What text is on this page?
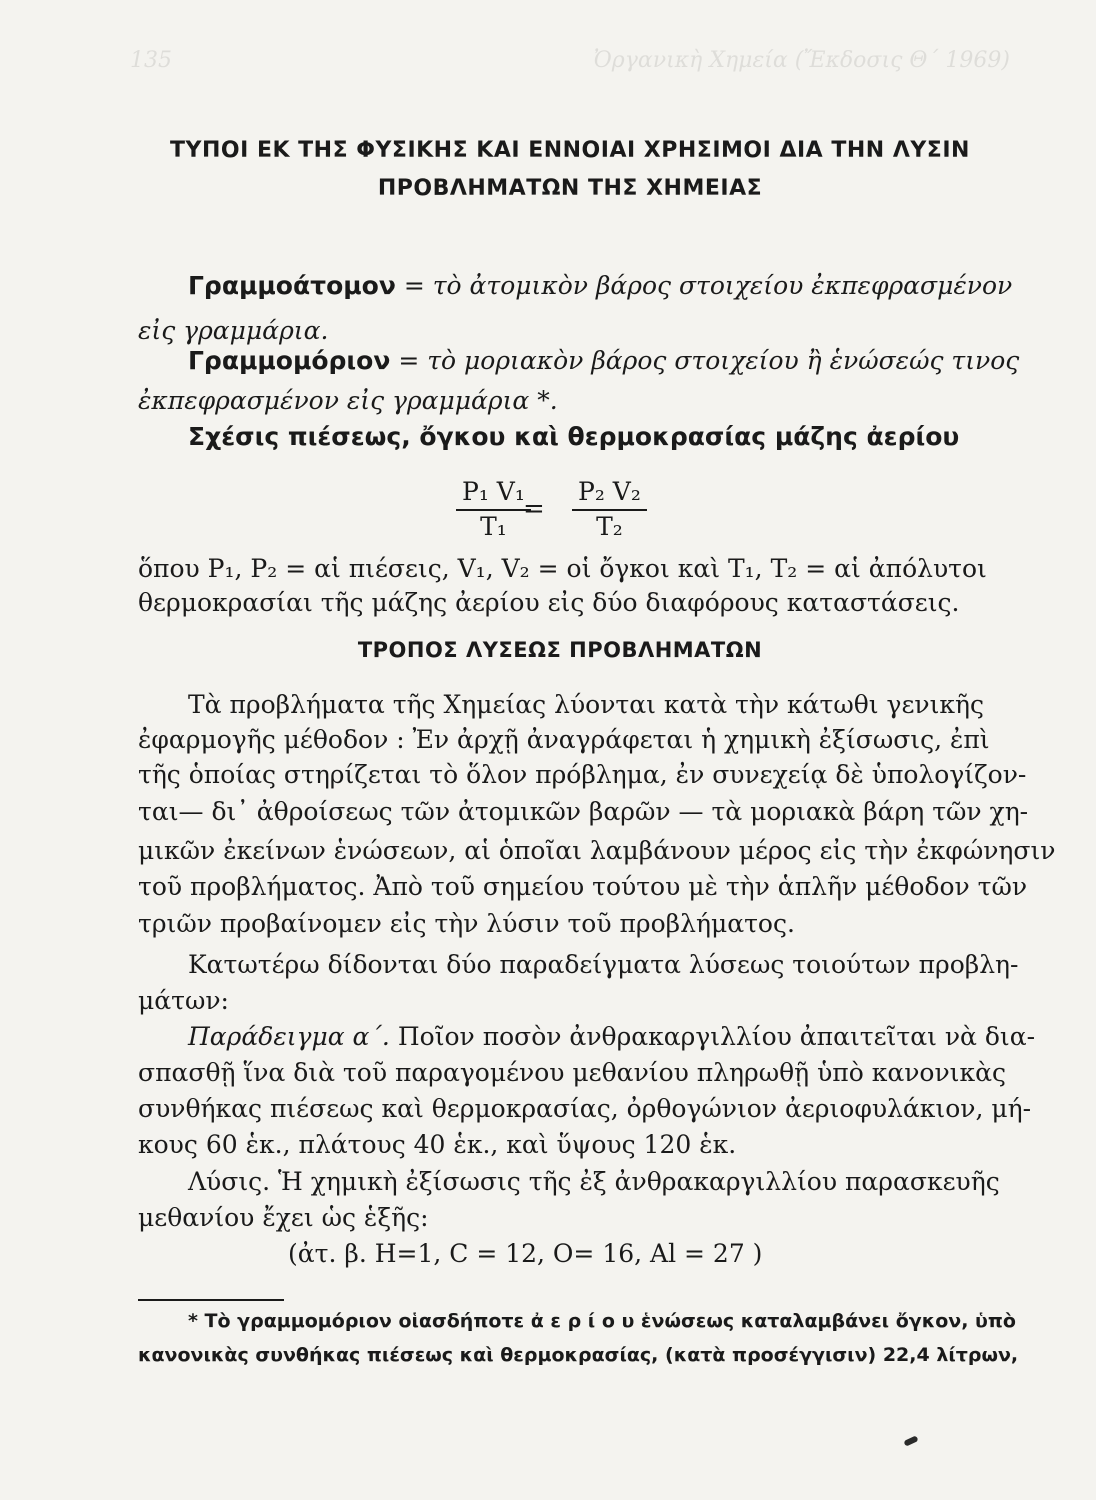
135	Ὀργανικὴ Χημεία (Ἔκδοσις Θ΄ 1969)
ΤΥΠΟΙ ΕΚ ΤΗΣ ΦΥΣΙΚΗΣ ΚΑΙ ΕΝΝΟΙΑΙ ΧΡΗΣΙΜΟΙ ΔΙΑ ΤΗΝ ΛΥΣΙΝ
ΠΡΟΒΛΗΜΑΤΩΝ ΤΗΣ ΧΗΜΕΙΑΣ
Γραμμοάτομον = τὸ ἀτομικὸν βάρος στοιχείου ἐκπεφρασμένον
εἰς γραμμάρια.
Γραμμομόριον = τὸ μοριακὸν βάρος στοιχείου ἢ ἑνώσεώς τινος
ἐκπεφρασμένον εἰς γραμμάρια *.
Σχέσις πιέσεως, ὄγκου καὶ θερμοκρασίας μάζης ἀερίου
$\frac{\text{P₁ V₁}}{\text{T₁}}$
= $\frac{\text{P₂ V₂}}{\text{T₂}}$
ὅπου P₁, P₂ = αἱ πιέσεις, V₁, V₂ = οἱ ὄγκοι καὶ T₁, T₂ = αἱ ἀπόλυτοι
θερμοκρασίαι τῆς μάζης ἀερίου εἰς δύο διαφόρους καταστάσεις.
ΤΡΟΠΟΣ ΛΥΣΕΩΣ ΠΡΟΒΛΗΜΑΤΩΝ
Τὰ προβλήματα τῆς Χημείας λύονται κατὰ τὴν κάτωθι γενικῆς
ἐφαρμογῆς μέθοδον : Ἐν ἀρχῇ ἀναγράφεται ἡ χημικὴ ἐξίσωσις, ἐπὶ
τῆς ὁποίας στηρίζεται τὸ ὅλον πρόβλημα, ἐν συνεχείᾳ δὲ ὑπολογίζον-
ται— δι᾽ ἀθροίσεως τῶν ἀτομικῶν βαρῶν — τὰ μοριακὰ βάρη τῶν χη-
μικῶν ἐκείνων ἑνώσεων, αἱ ὁποῖαι λαμβάνουν μέρος εἰς τὴν ἐκφώνησιν
τοῦ προβλήματος. Ἀπὸ τοῦ σημείου τούτου μὲ τὴν ἁπλῆν μέθοδον τῶν
τριῶν προβαίνομεν εἰς τὴν λύσιν τοῦ προβλήματος.
Κατωτέρω δίδονται δύο παραδείγματα λύσεως τοιούτων προβλη-
μάτων:
Παράδειγμα α΄. Ποῖον ποσὸν ἀνθρακαργιλλίου ἀπαιτεῖται νὰ δια-
σπασθῇ ἵνα διὰ τοῦ παραγομένου μεθανίου πληρωθῇ ὑπὸ κανονικὰς
συνθήκας πιέσεως καὶ θερμοκρασίας, ὀρθογώνιον ἀεριοφυλάκιον, μή-
κους 60 ἑκ., πλάτους 40 ἑκ., καὶ ὕψους 120 ἑκ.
Λύσις. Ἡ χημικὴ ἐξίσωσις τῆς ἐξ ἀνθρακαργιλλίου παρασκευῆς
μεθανίου ἔχει ὡς ἑξῆς:
(ἀτ. β. H=1, C = 12, O= 16, Al = 27 )
* Τὸ γραμμομόριον οἱασδήποτε ἀ ε ρ ί ο υ ἑνώσεως καταλαμβάνει ὄγκον, ὑπὸ
κανονικὰς συνθήκας πιέσεως καὶ θερμοκρασίας, (κατὰ προσέγγισιν) 22,4 λίτρων,
